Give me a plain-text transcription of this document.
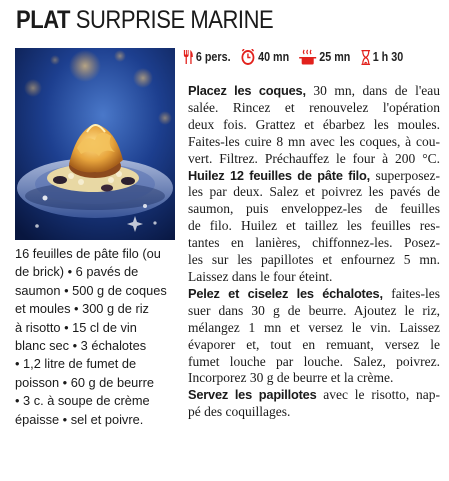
PLAT SURPRISE MARINE
6 pers. 40 mn 25 mn 1 h 30
16 feuilles de pâte filo (ou
de brick) • 6 pavés de
saumon • 500 g de coques
et moules • 300 g de riz
à risotto • 15 cl de vin
blanc sec • 3 échalotes
• 1,2 litre de fumet de
poisson • 60 g de beurre
• 3 c. à soupe de crème
épaisse • sel et poivre.

Placez les coques, 30 mn, dans de l'eau
salée. Rincez et renouvelez l'opération
deux fois. Grattez et ébarbez les moules.
Faites-les cuire 8 mn avec les coques, à cou-
vert. Filtrez. Préchauffez le four à 200 °C.

Huilez 12 feuilles de pâte filo, superposez-
les par deux. Salez et poivrez les pavés de
saumon, puis enveloppez-les de feuilles
de filo. Huilez et taillez les feuilles res-
tantes en lanières, chiffonnez-les. Posez-
les sur les papillotes et enfournez 5 mn.
Laissez dans le four éteint.

Pelez et ciselez les échalotes, faites-les
suer dans 30 g de beurre. Ajoutez le riz,
mélangez 1 mn et versez le vin. Laissez
évaporer et, tout en remuant, versez le
fumet louche par louche. Salez, poivrez.
Incorporez 30 g de beurre et la crème.

Servez les papillotes avec le risotto, nap-
pé des coquillages.
